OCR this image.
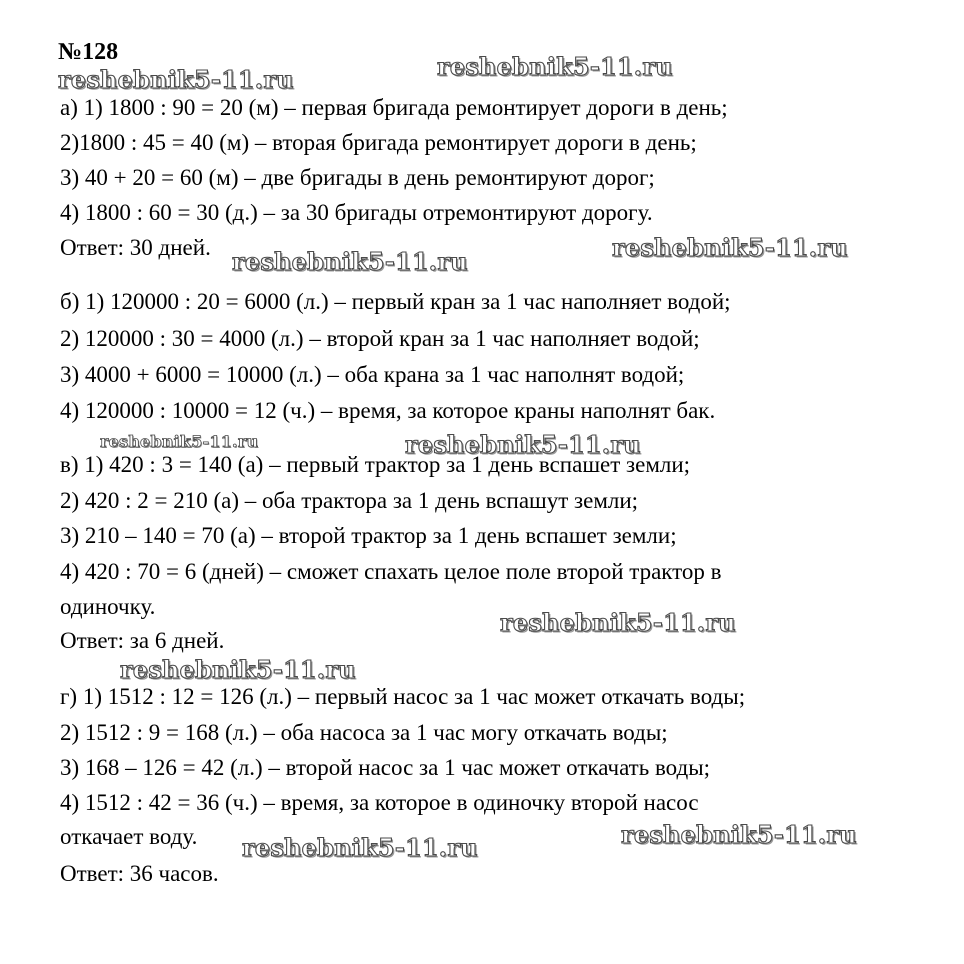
№128
а) 1) 1800 : 90 = 20 (м) – первая бригада ремонтирует дороги в день;
2)1800 : 45 = 40 (м) – вторая бригада ремонтирует дороги в день;
3) 40 + 20 = 60 (м) – две бригады в день ремонтируют дорог;
4) 1800 : 60 = 30 (д.) – за 30 бригады отремонтируют дорогу.
Ответ: 30 дней.
б) 1) 120000 : 20 = 6000 (л.) – первый кран за 1 час наполняет водой;
2) 120000 : 30 = 4000 (л.) – второй кран за 1 час наполняет водой;
3) 4000 + 6000 = 10000 (л.) – оба крана за 1 час наполнят водой;
4) 120000 : 10000 = 12 (ч.) – время, за которое краны наполнят бак.
в) 1) 420 : 3 = 140 (а) – первый трактор за 1 день вспашет земли;
2) 420 : 2 = 210 (а) – оба трактора за 1 день вспашут земли;
3) 210 – 140 = 70 (а) – второй трактор за 1 день вспашет земли;
4) 420 : 70 = 6 (дней) – сможет спахать целое поле второй трактор в
одиночку.
Ответ: за 6 дней.
г) 1) 1512 : 12 = 126 (л.) – первый насос за 1 час может откачать воды;
2) 1512 : 9 = 168 (л.) – оба насоса за 1 час могу откачать воды;
3) 168 – 126 = 42 (л.) – второй насос за 1 час может откачать воды;
4) 1512 : 42 = 36 (ч.) – время, за которое в одиночку второй насос
откачает воду.
Ответ: 36 часов.
reshebnik5-11.ru	reshebnik5-11.ru
reshebnik5-11.ru	reshebnik5-11.ru
reshebnik5-11.ru	reshebnik5-11.ru
reshebnik5-11.ru
reshebnik5-11.ru
reshebnik5-11.ru	reshebnik5-11.ru
